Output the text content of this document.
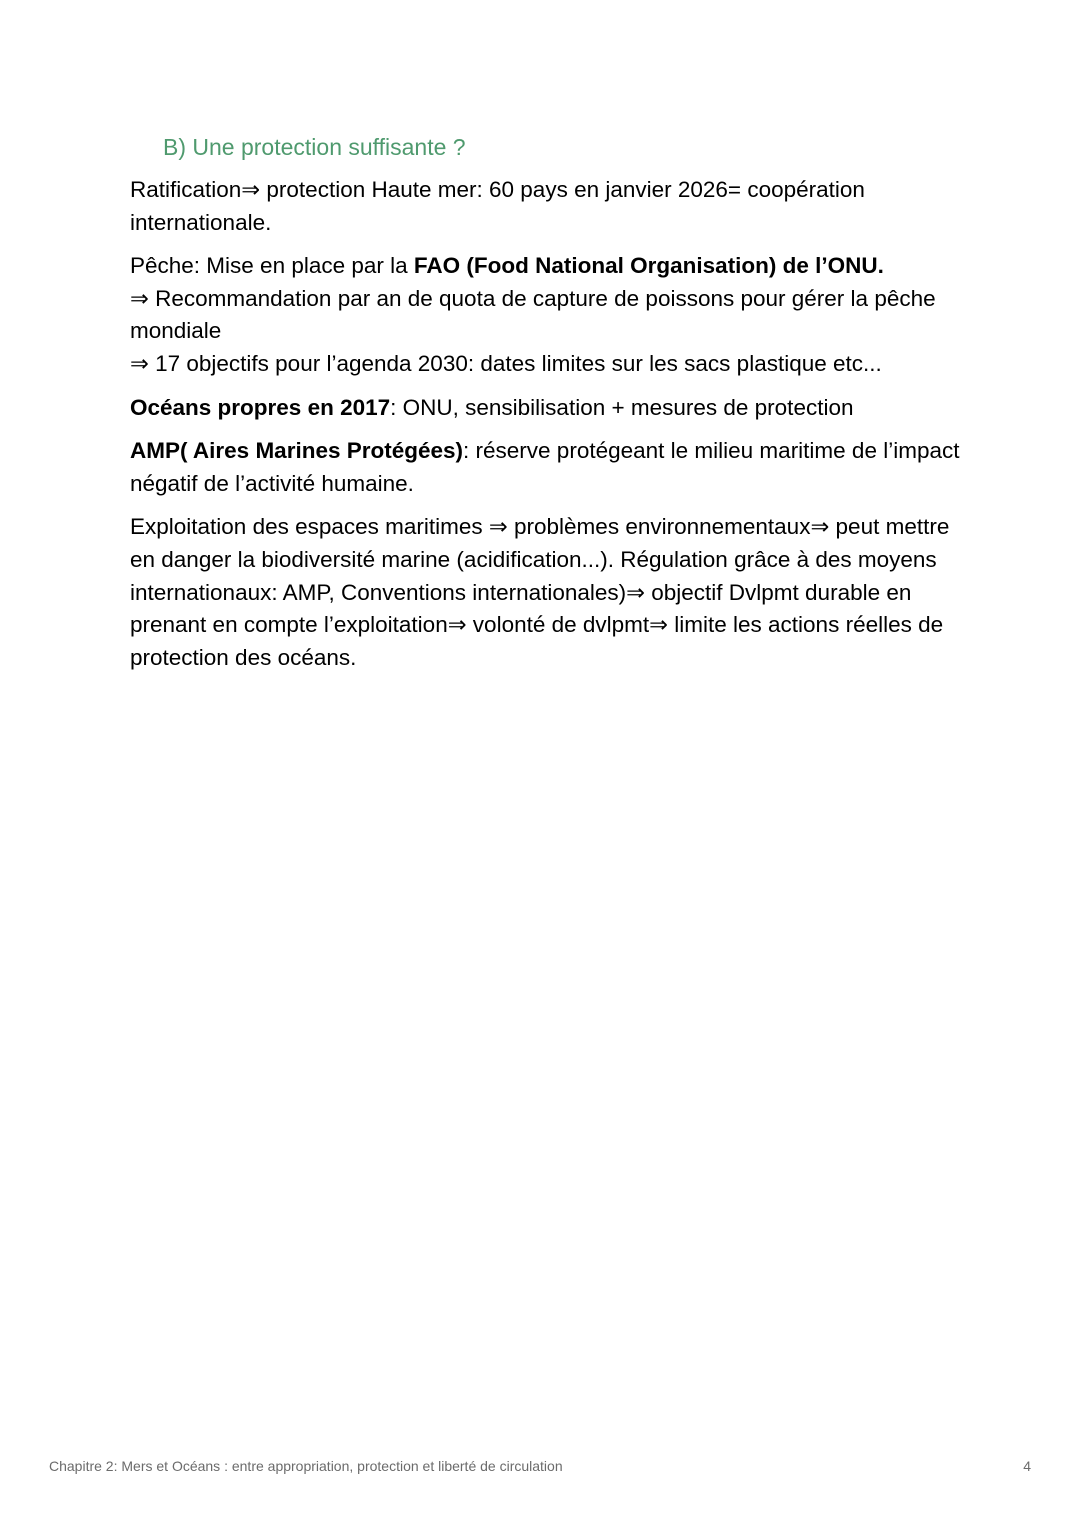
B) Une protection suffisante ?

Ratification⇒ protection Haute mer: 60 pays en janvier 2026= coopération internationale.

Pêche: Mise en place par la FAO (Food National Organisation) de l’ONU.
⇒ Recommandation par an de quota de capture de poissons pour gérer la pêche mondiale
⇒ 17 objectifs pour l’agenda 2030: dates limites sur les sacs plastique etc...

Océans propres en 2017: ONU, sensibilisation + mesures de protection

AMP( Aires Marines Protégées): réserve protégeant le milieu maritime de l’impact négatif de l’activité humaine.

Exploitation des espaces maritimes ⇒ problèmes environnementaux⇒ peut mettre en danger la biodiversité marine (acidification...). Régulation grâce à des moyens internationaux: AMP, Conventions internationales)⇒ objectif Dvlpmt durable en prenant en compte l’exploitation⇒ volonté de dvlpmt⇒ limite les actions réelles de protection des océans.

Chapitre 2: Mers et Océans : entre appropriation, protection et liberté de circulation	4
